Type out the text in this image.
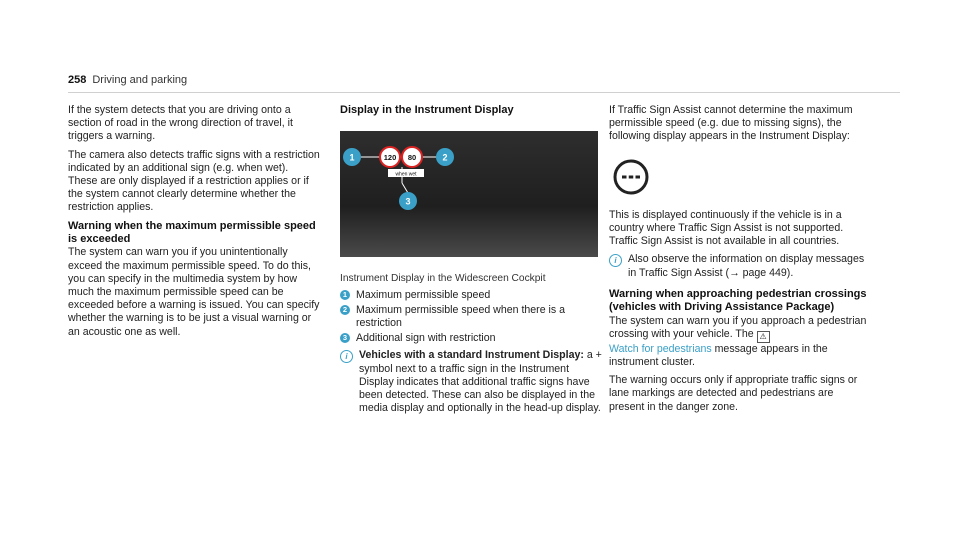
258 Driving and parking

If the system detects that you are driving onto a section of road in the wrong direction of travel, it triggers a warning.

The camera also detects traffic signs with a restriction indicated by an additional sign (e.g. when wet). These are only displayed if a restriction applies or if the system cannot clearly determine whether the restriction applies.

Warning when the maximum permissible speed is exceeded

The system can warn you if you unintentionally exceed the maximum permissible speed. To do this, you can specify in the multimedia system by how much the maximum permissible speed can be exceeded before a warning is issued. You can specify whether the warning is to be just a visual warning or an acoustic one as well.

Display in the Instrument Display
1	2
3
120 80
when wet
Instrument Display in the Widescreen Cockpit
1 Maximum permissible speed
2 Maximum permissible speed when there is a restriction
3 Additional sign with restriction
i	Vehicles with a standard Instrument Display: a + symbol next to a traffic sign in the Instrument Display indicates that additional traffic signs have been detected. These can also be displayed in the media display and optionally in the head-up display.

If Traffic Sign Assist cannot determine the maximum permissible speed (e.g. due to missing signs), the following display appears in the Instrument Display:

This is displayed continuously if the vehicle is in a country where Traffic Sign Assist is not supported. Traffic Sign Assist is not available in all countries.

i	Also observe the information on display messages in Traffic Sign Assist (→ page 449).
Warning when approaching pedestrian crossings (vehicles with Driving Assistance Package)

The system can warn you if you approach a pedestrian crossing with your vehicle. The ⚠
Watch for pedestrians message appears in the instrument cluster.

The warning occurs only if appropriate traffic signs or lane markings are detected and pedestrians are present in the danger zone.
